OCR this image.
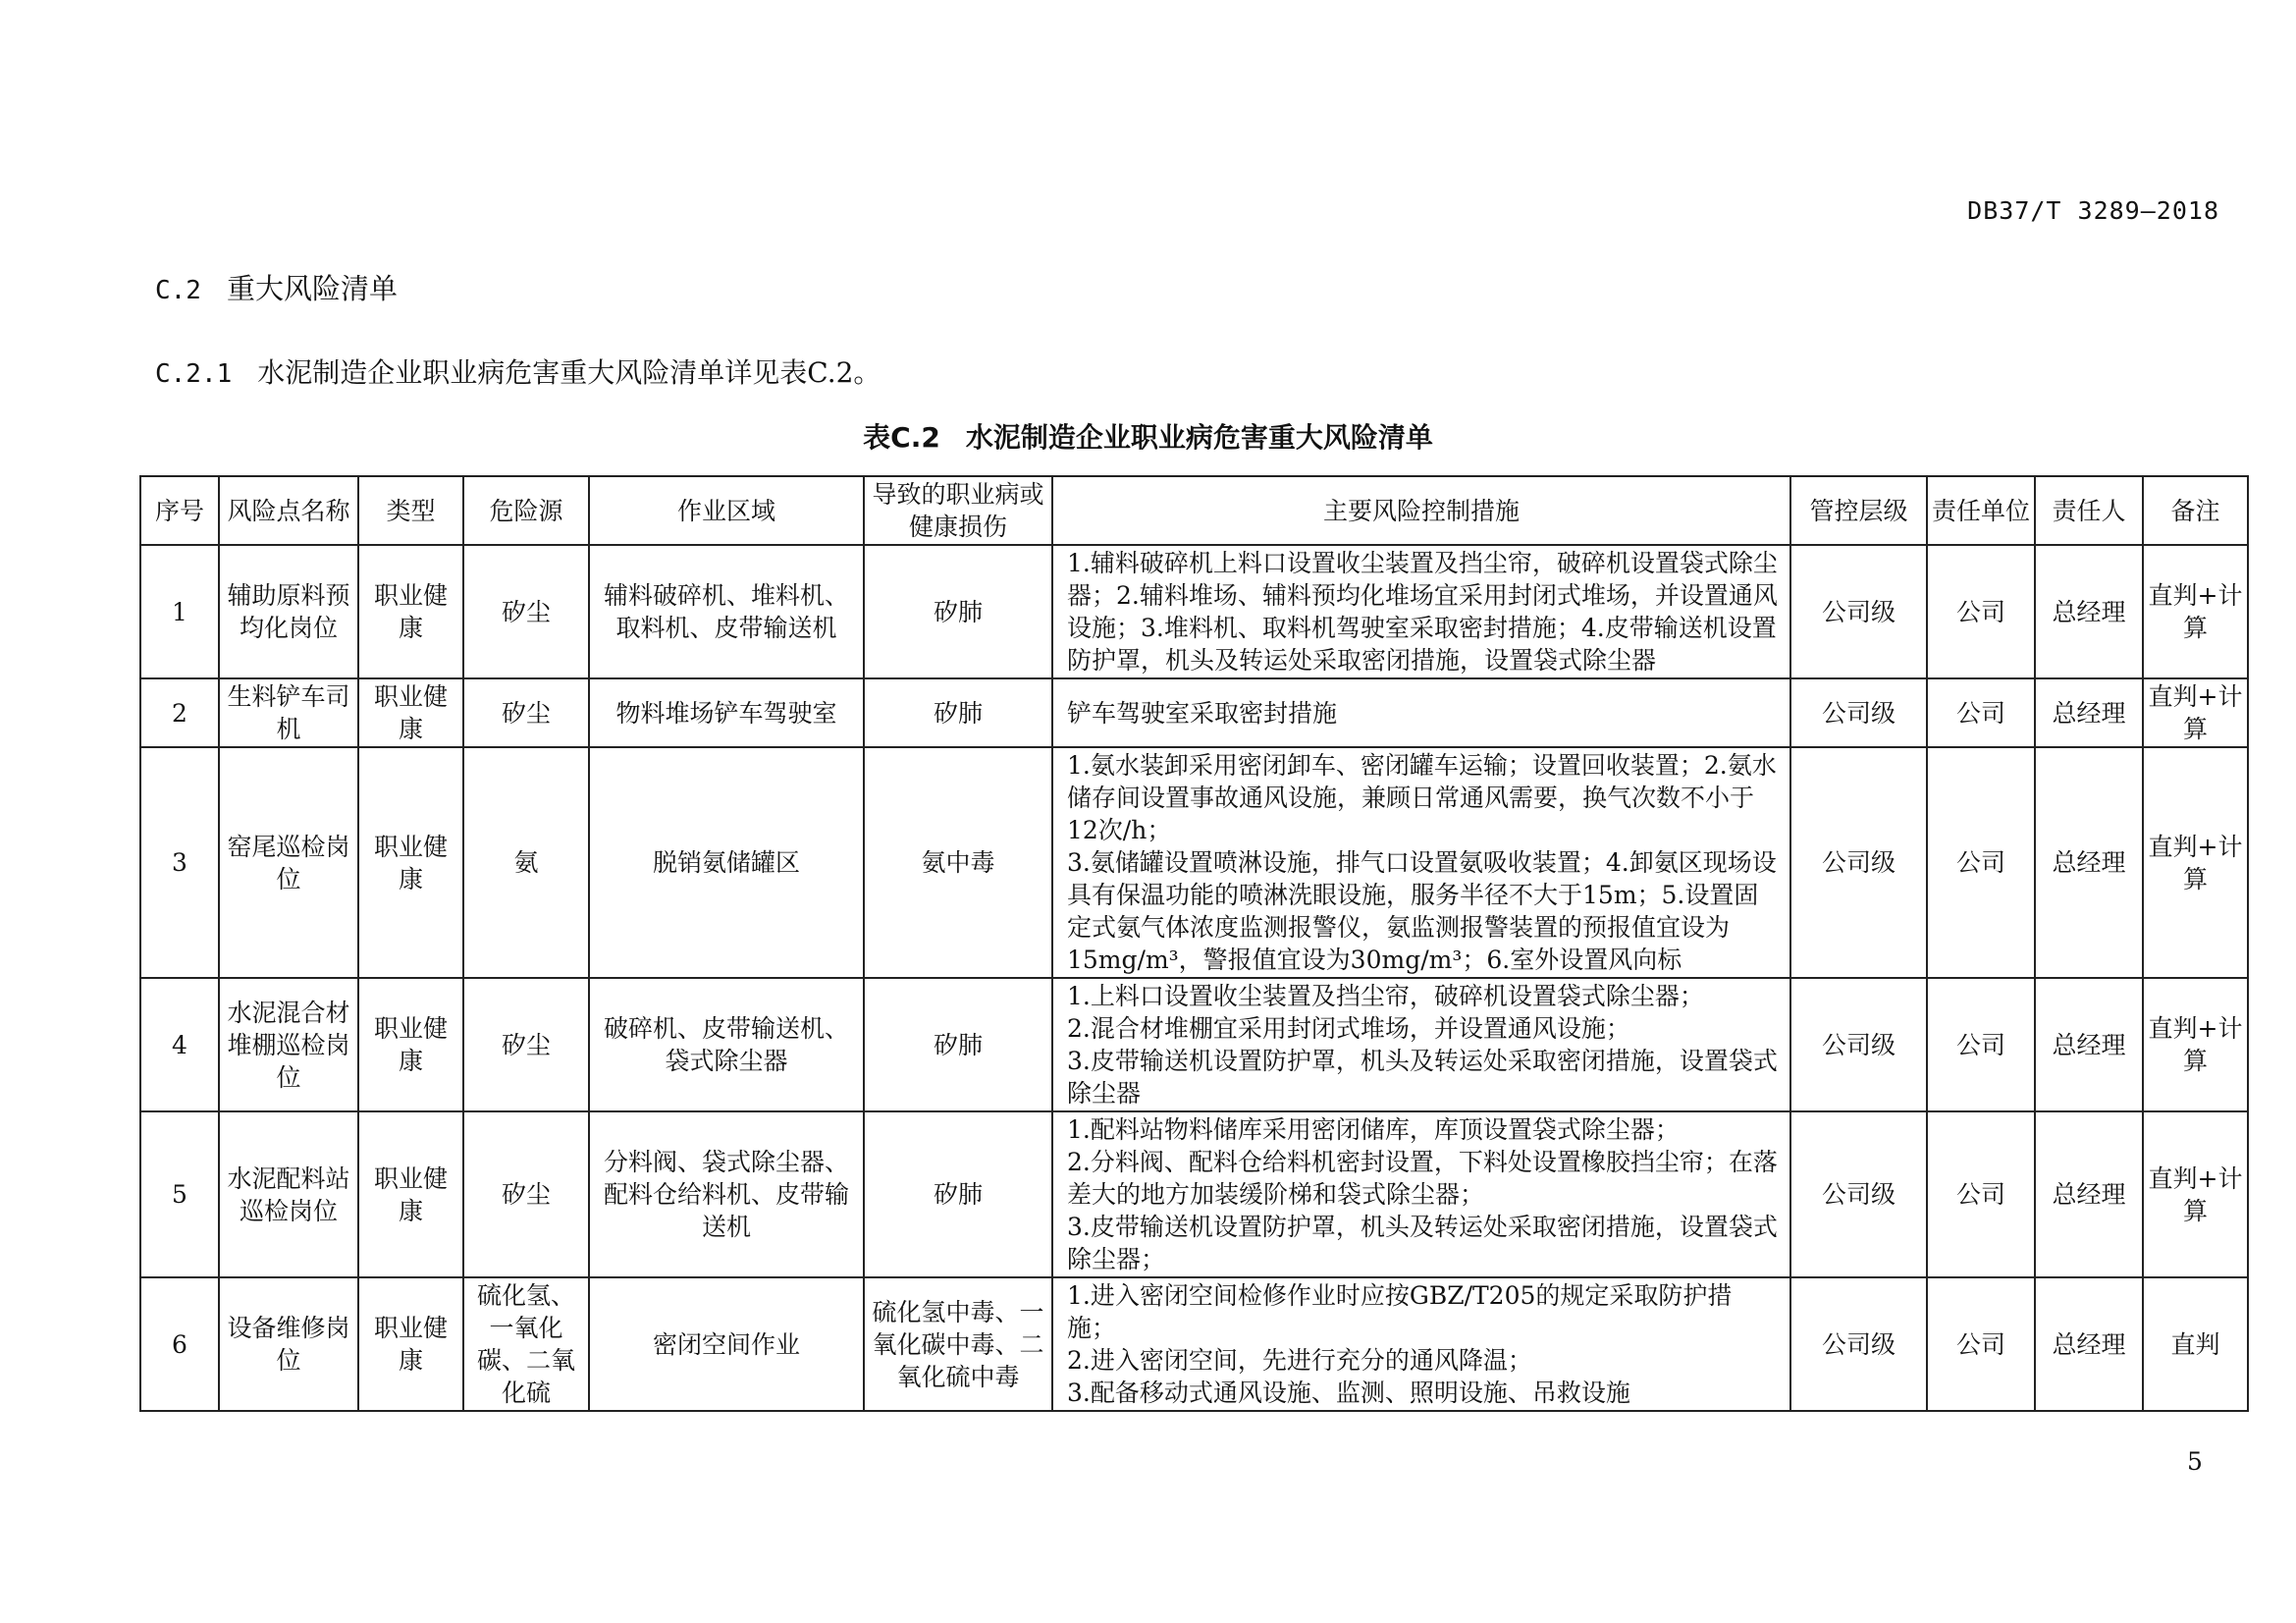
DB37/T 3289—2018
C.2 重大风险清单
C.2.1 水泥制造企业职业病危害重大风险清单详见表C.2。
表C.2 水泥制造企业职业病危害重大风险清单
序号	风险点名称	类型	危险源	作业区域	导致的职业病或健康损伤	主要风险控制措施	管控层级	责任单位	责任人	备注
1	辅助原料预均化岗位	职业健康	矽尘	辅料破碎机、堆料机、取料机、皮带输送机	矽肺	1.辅料破碎机上料口设置收尘装置及挡尘帘，破碎机设置袋式除尘器；2.辅料堆场、辅料预均化堆场宜采用封闭式堆场，并设置通风设施；3.堆料机、取料机驾驶室采取密封措施；4.皮带输送机设置防护罩，机头及转运处采取密闭措施，设置袋式除尘器	公司级	公司	总经理	直判+计算
2	生料铲车司机	职业健康	矽尘	物料堆场铲车驾驶室	矽肺	铲车驾驶室采取密封措施	公司级	公司	总经理	直判+计算
3	窑尾巡检岗位	职业健康	氨	脱销氨储罐区	氨中毒	1.氨水装卸采用密闭卸车、密闭罐车运输；设置回收装置；2.氨水储存间设置事故通风设施，兼顾日常通风需要，换气次数不小于12次/h；
3.氨储罐设置喷淋设施，排气口设置氨吸收装置；4.卸氨区现场设具有保温功能的喷淋洗眼设施，服务半径不大于15m；5.设置固定式氨气体浓度监测报警仪，氨监测报警装置的预报值宜设为15mg/m³，警报值宜设为30mg/m³；6.室外设置风向标	公司级	公司	总经理	直判+计算
4	水泥混合材堆棚巡检岗位	职业健康	矽尘	破碎机、皮带输送机、袋式除尘器	矽肺	1.上料口设置收尘装置及挡尘帘，破碎机设置袋式除尘器；
2.混合材堆棚宜采用封闭式堆场，并设置通风设施；
3.皮带输送机设置防护罩，机头及转运处采取密闭措施，设置袋式除尘器	公司级	公司	总经理	直判+计算
5	水泥配料站巡检岗位	职业健康	矽尘	分料阀、袋式除尘器、配料仓给料机、皮带输送机	矽肺	1.配料站物料储库采用密闭储库，库顶设置袋式除尘器；
2.分料阀、配料仓给料机密封设置，下料处设置橡胶挡尘帘；在落差大的地方加装缓阶梯和袋式除尘器；
3.皮带输送机设置防护罩，机头及转运处采取密闭措施，设置袋式除尘器；	公司级	公司	总经理	直判+计算
6	设备维修岗位	职业健康	硫化氢、一氧化碳、二氧化硫	密闭空间作业	硫化氢中毒、一氧化碳中毒、二氧化硫中毒	1.进入密闭空间检修作业时应按GBZ/T205的规定采取防护措施；
2.进入密闭空间，先进行充分的通风降温；
3.配备移动式通风设施、监测、照明设施、吊救设施	公司级	公司	总经理	直判
5
